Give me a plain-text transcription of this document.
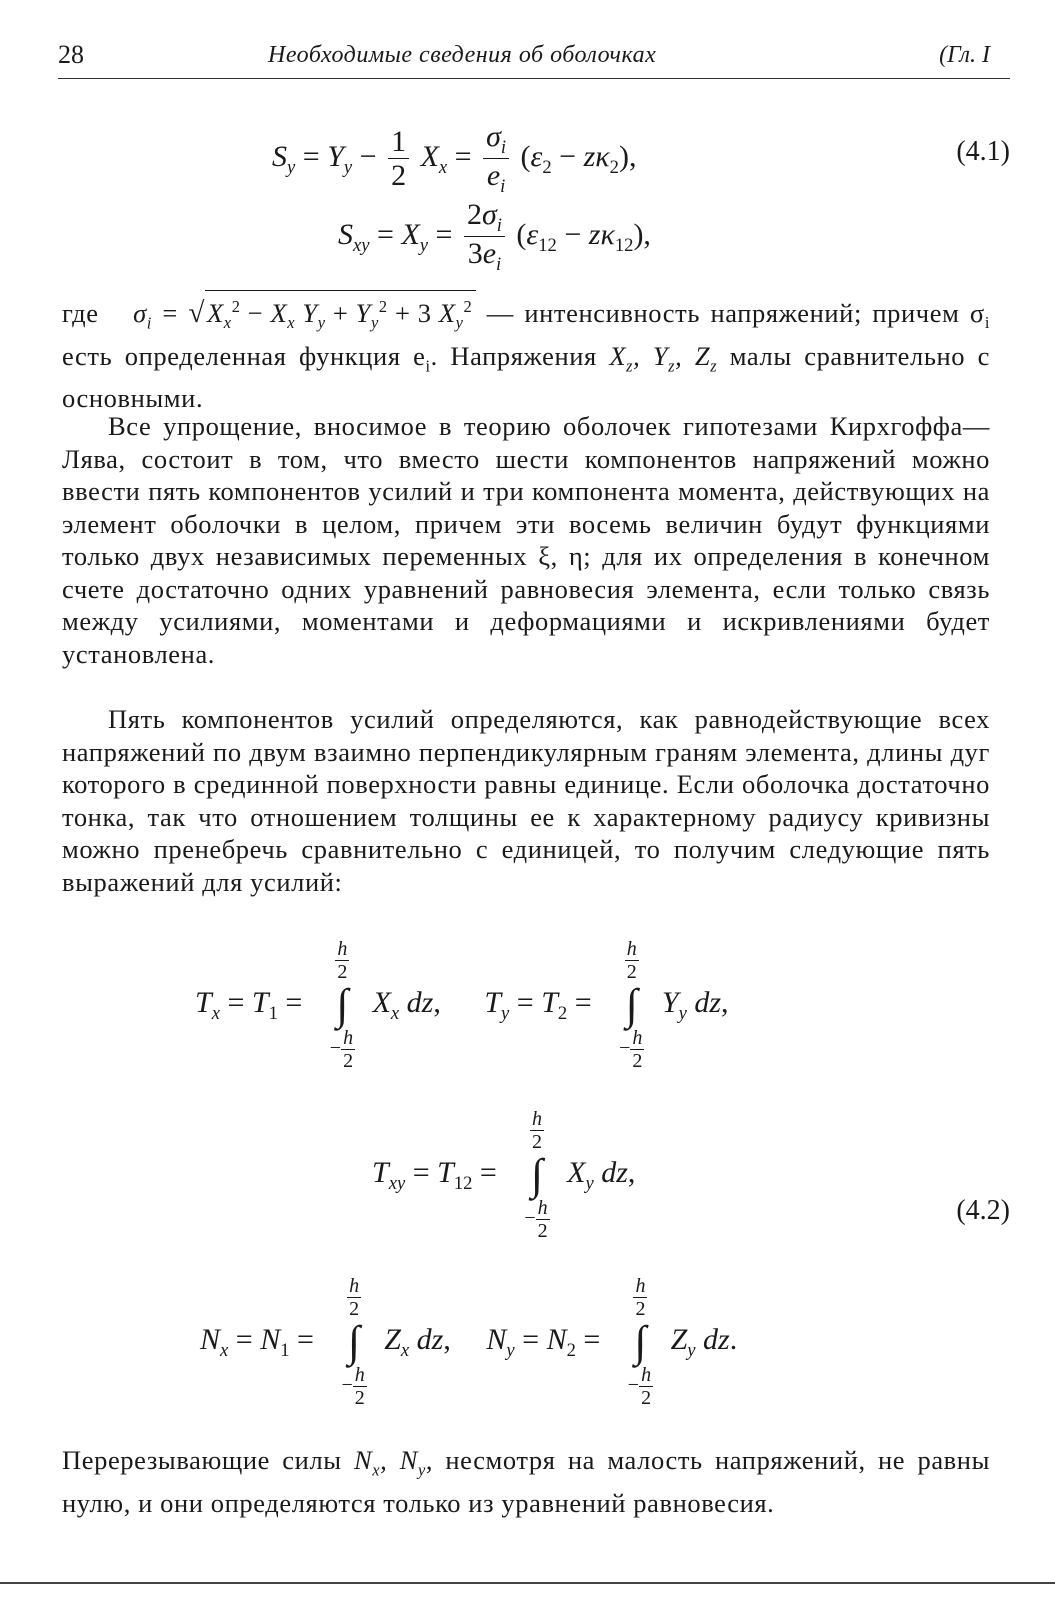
28	Необходимые сведения об оболочках	(Гл. I
$S_y = Y_y - \frac{1}{2} X_x = \frac{\sigma_i}{e_i} (\varepsilon_2 - z\kappa_2)$,	(4.1)
$S_{xy} = X_y = \frac{2\sigma_i}{3e_i} (\varepsilon_{12} - z\kappa_{12})$,
где $\sigma_i = √X_x^2 - X_x$ $Y_y + Y_y^2 + 3$ $X_y^2$ — интенсивность напряжений; причем $\sigma_i$ есть определенная функция $e_i$. Напряжения $X_z$, $Y_z$, $Z_z$ малы сравнительно с основными.
Все упрощение, вносимое в теорию оболочек гипотезами Кирхгоффа—Лява, состоит в том, что вместо шести компонентов напряжений можно ввести пять компонентов усилий и три компонента момента, действующих на элемент оболочки в целом, причем эти восемь величин будут функциями только двух независимых переменных ξ, η; для их определения в конечном счете достаточно одних уравнений равновесия элемента, если только связь между усилиями, моментами и деформациями и искривлениями будет установлена.
Пять компонентов усилий определяются, как равнодействующие всех напряжений по двум взаимно перпендикулярным граням элемента, длины дуг которого в срединной поверхности равны единице. Если оболочка достаточно тонка, так что отношением толщины ее к характерному радиусу кривизны можно пренебречь сравнительно с единицей, то получим следующие пять выражений для усилий:
$T_x = T_1$ =
$\frac{h}{2}$
∫
− $\frac{h}{2}$
$X_x$ dz, $T_y = T_2$ =
$\frac{h}{2}$
∫
− $\frac{h}{2}$
$Y_y$ dz,
$T_{xy} = T_{12}$ =
$\frac{h}{2}$
∫
− $\frac{h}{2}$
$X_y$ dz,
(4.2)
$N_x = N_1$ =
$\frac{h}{2}$
∫
− $\frac{h}{2}$
$Z_x$ dz, $N_y = N_2$ =
$\frac{h}{2}$
∫
− $\frac{h}{2}$
$Z_y$ dz.
Перерезывающие силы $N_x$, $N_y$, несмотря на малость напряжений, не равны нулю, и они определяются только из уравнений равновесия.
